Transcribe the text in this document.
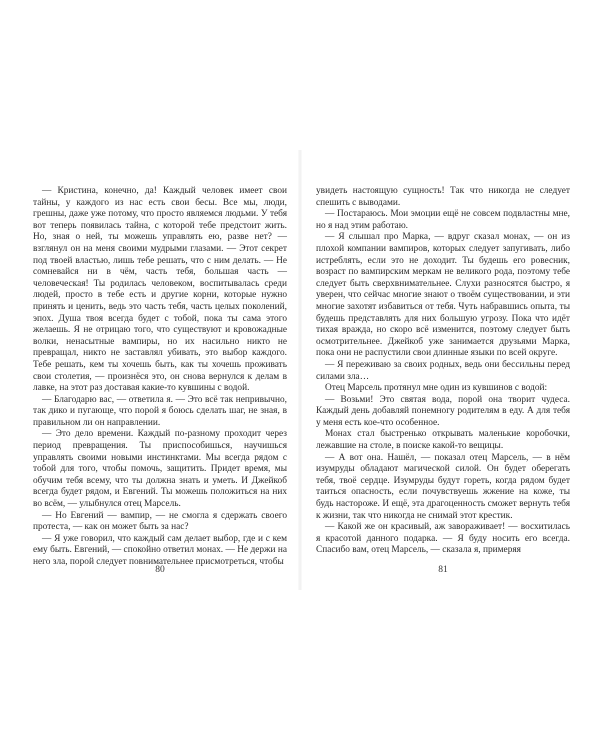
— Кристина, конечно, да! Каждый человек имеет свои тайны, у каждого из нас есть свои бесы. Все мы, люди, грешны, даже уже потому, что просто являемся людьми. У тебя вот теперь появилась тайна, с которой тебе предстоит жить. Но, зная о ней, ты можешь управлять ею, разве нет? — взглянул он на меня своими мудрыми глазами. — Этот секрет под твоей властью, лишь тебе решать, что с ним делать. — Не сомневайся ни в чём, часть тебя, большая часть — человеческая! Ты родилась человеком, воспитывалась среди людей, просто в тебе есть и другие корни, которые нужно принять и ценить, ведь это часть тебя, часть целых поколений, эпох. Душа твоя всегда будет с тобой, пока ты сама этого желаешь. Я не отрицаю того, что существуют и кровожадные волки, ненасытные вампиры, но их насильно никто не превращал, никто не заставлял убивать, это выбор каждого. Тебе решать, кем ты хочешь быть, как ты хочешь проживать свои столетия, — произнёся это, он снова вернулся к делам в лавке, на этот раз доставая какие-то кувшины с водой.

— Благодарю вас, — ответила я. — Это всё так непривычно, так дико и пугающе, что порой я боюсь сделать шаг, не зная, в правильном ли он направлении.

— Это дело времени. Каждый по-разному проходит через период превращения. Ты приспособишься, научишься управлять своими новыми инстинктами. Мы всегда рядом с тобой для того, чтобы помочь, защитить. Придет время, мы обучим тебя всему, что ты должна знать и уметь. И Джейкоб всегда будет рядом, и Евгений. Ты можешь положиться на них во всём, — улыбнулся отец Марсель.

— Но Евгений — вампир, — не смогла я сдержать своего протеста, — как он может быть за нас?

— Я уже говорил, что каждый сам делает выбор, где и с кем ему быть. Евгений, — спокойно ответил монах. — Не держи на него зла, порой следует повнимательнее присмотреться, чтобы

80

увидеть настоящую сущность! Так что никогда не следует спешить с выводами.

— Постараюсь. Мои эмоции ещё не совсем подвластны мне, но я над этим работаю.

— Я слышал про Марка, — вдруг сказал монах, — он из плохой компании вампиров, которых следует запугивать, либо истреблять, если это не доходит. Ты будешь его ровесник, возраст по вампирским меркам не великого рода, поэтому тебе следует быть сверхвнимательнее. Слухи разносятся быстро, я уверен, что сейчас многие знают о твоём существовании, и эти многие захотят избавиться от тебя. Чуть набравшись опыта, ты будешь представлять для них большую угрозу. Пока что идёт тихая вражда, но скоро всё изменится, поэтому следует быть осмотрительнее. Джейкоб уже занимается друзьями Марка, пока они не распустили свои длинные языки по всей округе.

— Я переживаю за своих родных, ведь они бессильны перед силами зла…

Отец Марсель протянул мне один из кувшинов с водой:

— Возьми! Это святая вода, порой она творит чудеса. Каждый день добавляй понемногу родителям в еду. А для тебя у меня есть кое-что особенное.

Монах стал быстренько открывать маленькие коробочки, лежавшие на столе, в поиске какой-то вещицы.

— А вот она. Нашёл, — показал отец Марсель, — в нём изумруды обладают магической силой. Он будет оберегать тебя, твоё сердце. Изумруды будут гореть, когда рядом будет таиться опасность, если почувствуешь жжение на коже, ты будь настороже. И ещё, эта драгоценность сможет вернуть тебя к жизни, так что никогда не снимай этот крестик.

— Какой же он красивый, аж завораживает! — восхитилась я красотой данного подарка. — Я буду носить его всегда. Спасибо вам, отец Марсель, — сказала я, примеряя

81
